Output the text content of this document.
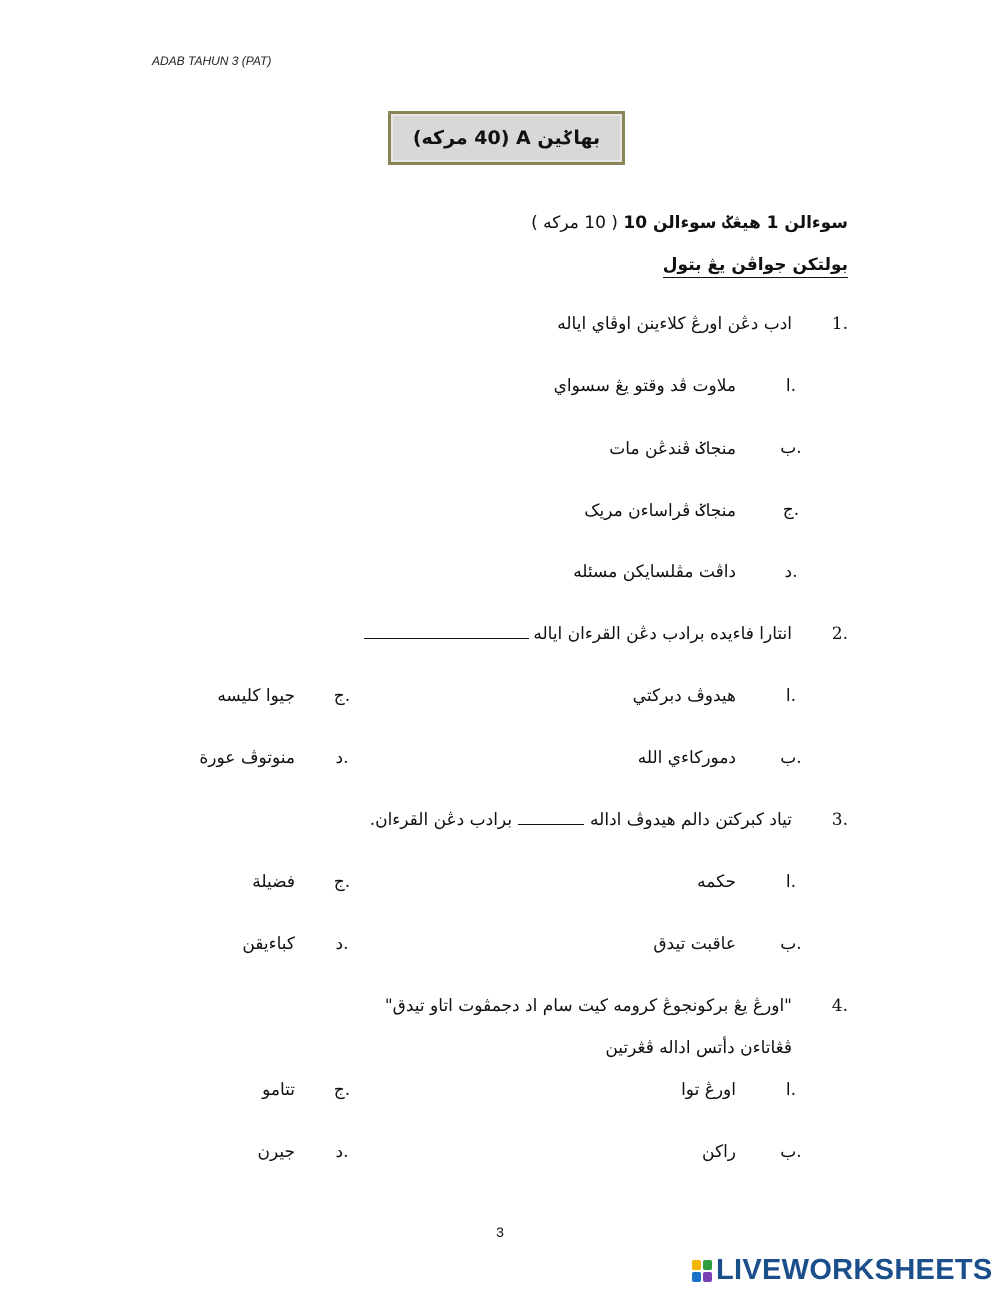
ADAB TAHUN 3 (PAT)
بهاݢين A (40 مركه)
سوءالن 1 هيڠݢ سوءالن 10 ( 10 مركه )
بولتكن جواڤن يڠ بتول
1.
ادب دڠن اورڠ كلاءينن اوڤاي اياله
ا.
ملاوت ڤد وقتو يڠ سسواي
ب.
منجاݢ ڤندڠن مات
ج.
منجاݢ ڤراساءن مريک
د.
داڤت مڤلسايكن مسئله
2.
انتارا فاءيده برادب دڠن القرءان اياله
ا.
هيدوڤ دبركتي
ج.
جيوا كليسه
ب.
دموركاءي الله
د.
منوتوڤ عورة
3.
تياد كبركتن دالم هيدوڤ ادالهبرادب دڠن القرءان.
ا.
حكمه
ج.
فضيلة
ب.
عاقبت تيدق
د.
كباءيقن
4.
"اورڠ يڠ بركونجوڠ كرومه كيت سام اد دجمڤوت اتاو تيدق"
ڤڠاتاءن دأتس اداله ڤڠرتين
ا.
اورڠ توا
ج.
تتامو
ب.
راكن
د.
جيرن
3
LIVEWORKSHEETS
